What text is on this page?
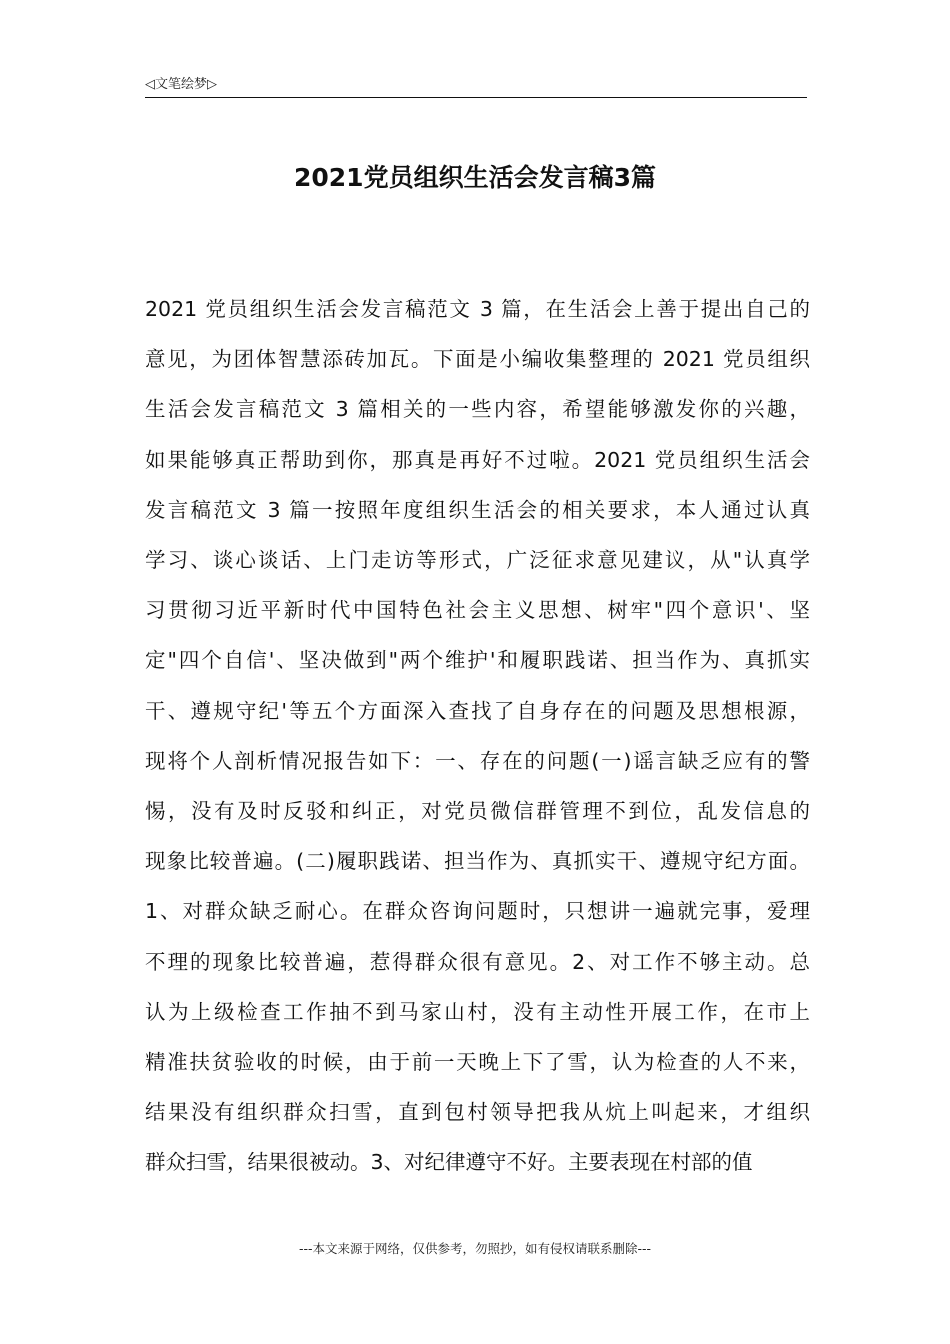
◁文笔绘梦▷
2021党员组织生活会发言稿3篇
2021 党员组织生活会发言稿范文 3 篇，在生活会上善于提出自己的
意见，为团体智慧添砖加瓦。下面是小编收集整理的 2021 党员组织
生活会发言稿范文 3 篇相关的一些内容，希望能够激发你的兴趣，
如果能够真正帮助到你，那真是再好不过啦。2021 党员组织生活会
发言稿范文 3 篇一按照年度组织生活会的相关要求，本人通过认真
学习、谈心谈话、上门走访等形式，广泛征求意见建议，从"认真学
习贯彻习近平新时代中国特色社会主义思想、树牢"四个意识'、坚
定"四个自信'、坚决做到"两个维护'和履职践诺、担当作为、真抓实
干、遵规守纪'等五个方面深入查找了自身存在的问题及思想根源，
现将个人剖析情况报告如下：一、存在的问题(一)谣言缺乏应有的警
惕，没有及时反驳和纠正，对党员微信群管理不到位，乱发信息的
现象比较普遍。(二)履职践诺、担当作为、真抓实干、遵规守纪方面。
1、对群众缺乏耐心。在群众咨询问题时，只想讲一遍就完事，爱理
不理的现象比较普遍，惹得群众很有意见。2、对工作不够主动。总
认为上级检查工作抽不到马家山村，没有主动性开展工作，在市上
精准扶贫验收的时候，由于前一天晚上下了雪，认为检查的人不来，
结果没有组织群众扫雪，直到包村领导把我从炕上叫起来，才组织
群众扫雪，结果很被动。3、对纪律遵守不好。主要表现在村部的值
---本文来源于网络，仅供参考，勿照抄，如有侵权请联系删除---
